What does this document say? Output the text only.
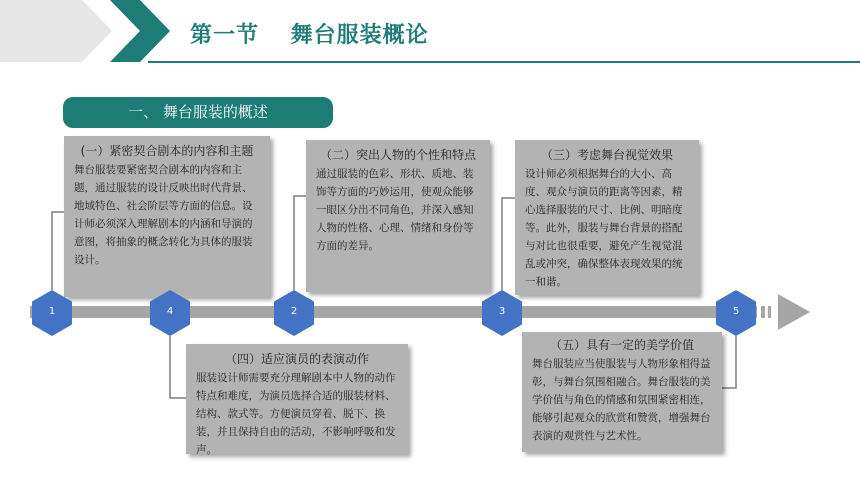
第一节　 舞台服装概论
一、 舞台服装的概述
(一）紧密契合剧本的内容和主题
舞台服装要紧密契合剧本的内容和主题，通过服装的设计反映出时代背景、地域特色、社会阶层等方面的信息。设计师必须深入理解剧本的内涵和导演的意图，将抽象的概念转化为具体的服装设计。
（二）突出人物的个性和特点
通过服装的色彩、形状、质地、装饰等方面的巧妙运用，使观众能够一眼区分出不同角色，并深入感知人物的性格、心理、情绪和身份等方面的差异。
（三）考虑舞台视觉效果
设计师必须根据舞台的大小、高度、观众与演员的距离等因素，精心选择服装的尺寸、比例、明暗度等。此外，服装与舞台背景的搭配与对比也很重要，避免产生视觉混乱或冲突，确保整体表现效果的统一和谐。
（四）适应演员的表演动作
服装设计师需要充分理解剧本中人物的动作特点和难度，为演员选择合适的服装材料、结构、款式等。方便演员穿着、脱下、换装，并且保持自由的活动，不影响呼吸和发声。
（五）具有一定的美学价值
舞台服装应当使服装与人物形象相得益彰，与舞台氛围相融合。舞台服装的美学价值与角色的情感和氛围紧密相连，能够引起观众的欣赏和赞赏，增强舞台表演的观赏性与艺术性。
1	4	2	3	5
